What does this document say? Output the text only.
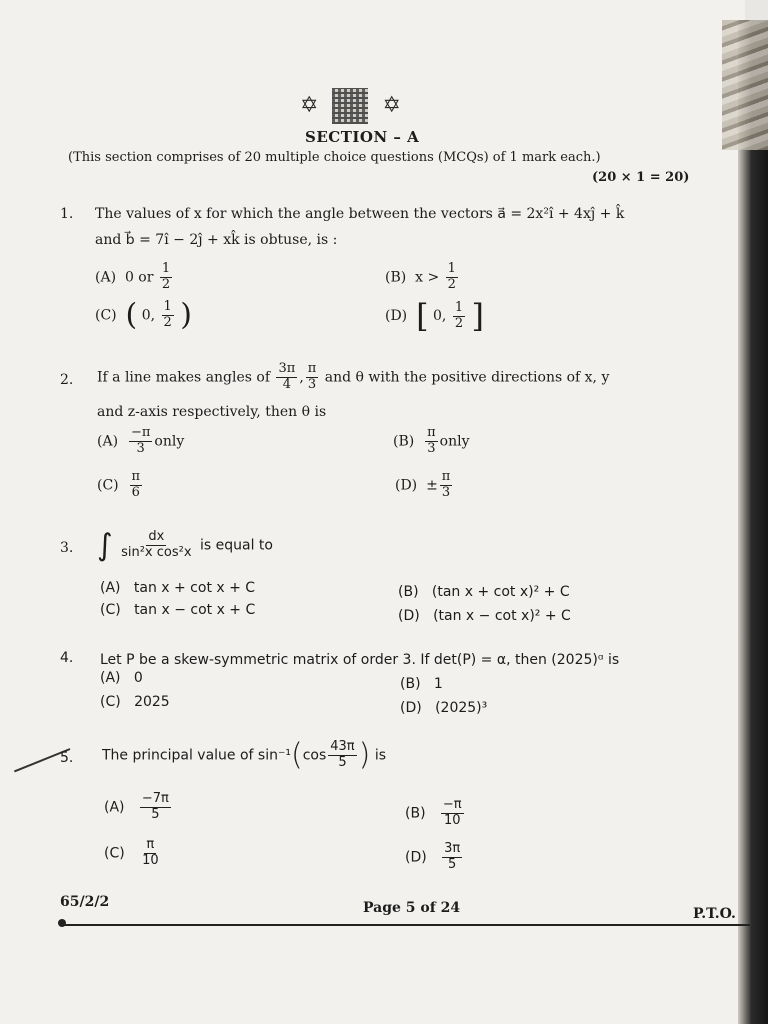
✡	✡
SECTION – A
(This section comprises of 20 multiple choice questions (MCQs) of 1 mark each.)
(20 × 1 = 20)
1. The values of x for which the angle between the vectors a⃗ = 2x²î + 4xĵ + k̂
and b⃗ = 7î − 2ĵ + xk̂ is obtuse, is :
(A) 0 or $\frac{1}{2}$	(B) $x > \frac{1}{2}$
(C) ( 0, $\frac{1}{2}$ )	(D) [ 0, $\frac{1}{2}$ ]
2. If a line makes angles of $\frac{3\pi}{4}$ , $\frac{\pi}{3}$ and θ with the positive directions of x, y
and z-axis respectively, then θ is
$(A) \frac{-\pi}{3}$ only	$(B) \frac{\pi}{3}$ only
$(C) \frac{\pi}{6}$	$(D) \pm \frac{\pi}{3}$
3. ∫ $\frac{dx}{\text{sin²x cos²x}}$ is equal to
(A) tan x + cot x + C	(B) (tan x + cot x)² + C
(C) tan x − cot x + C	(D) (tan x − cot x)² + C
4. Let P be a skew-symmetric matrix of order 3. If det(P) = α, then (2025)ᵅ is
(A) 0	(B) 1
(C) 2025	(D) (2025)³
5. The principal value of $\sin^{-1}(\cos \frac{43\pi}{5}$ ) is
$(A) \frac{-7\pi}{5}$	$(B) \frac{-\pi}{10}$
$(C) \frac{\pi}{10}$	$(D) \frac{3\pi}{5}$
65/2/2	Page 5 of 24	P.T.O.
